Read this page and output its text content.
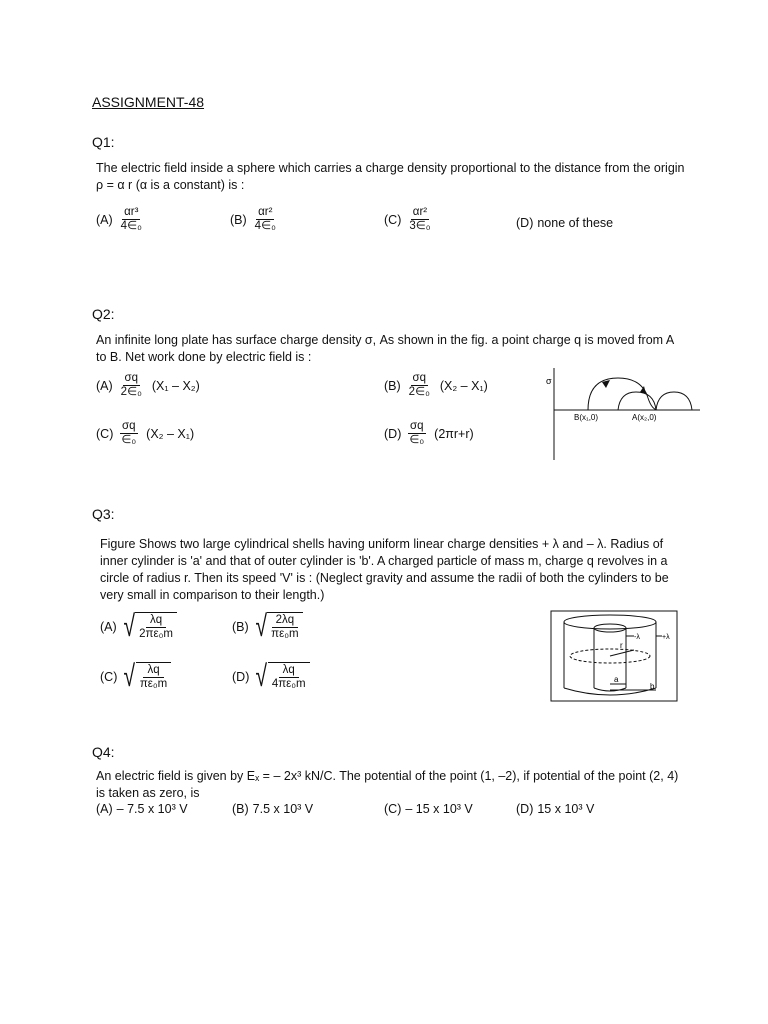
ASSIGNMENT-48
Q1:
The electric field inside a sphere which carries a charge density proportional to the distance from the origin ρ = α r (α is a constant) is :
$(A) \frac{\text{αr³}}{\text{4∈₀}}$	$(B) \frac{\text{αr²}}{\text{4∈₀}}$	$(C) \frac{\text{αr²}}{\text{3∈₀}}$	(D) none of these
Q2:
An infinite long plate has surface charge density σ, As shown in the fig. a point charge q is moved from A to B. Net work done by electric field is :
$(A) \frac{\sigma q}{\text{2∈₀}} (X_1 - X_2)$	$(B) \frac{\sigma q}{\text{2∈₀}} (X_2 - X_1)$
$(C) \frac{\sigma q}{\text{∈₀}} (X_2 - X_1)$	$(D) \frac{\sigma q}{\text{∈₀}} (2\pi r+r)$
σ
B(x₁,0)	A(x₂,0)
Q3:
Figure Shows two large cylindrical shells having uniform linear charge densities + λ and – λ. Radius of inner cylinder is 'a' and that of outer cylinder is 'b'. A charged particle of mass m, charge q revolves in a circle of radius r. Then its speed 'V' is : (Neglect gravity and assume the radii of both the cylinders to be very small in comparison to their length.)
(A) √	λq
2πε₀m	(B) √ 2λq
πε₀m
(C) √	λq
πε₀m	(D) √	λq
4πε₀m
r
a
b
-λ	+λ
Q4:
An electric field is given by Eₓ = – 2x³ kN/C. The potential of the point (1, –2), if potential of the point (2, 4) is taken as zero, is
(A) – 7.5 x 10³ V	(B) 7.5 x 10³ V	(C) – 15 x 10³ V	(D) 15 x 10³ V
